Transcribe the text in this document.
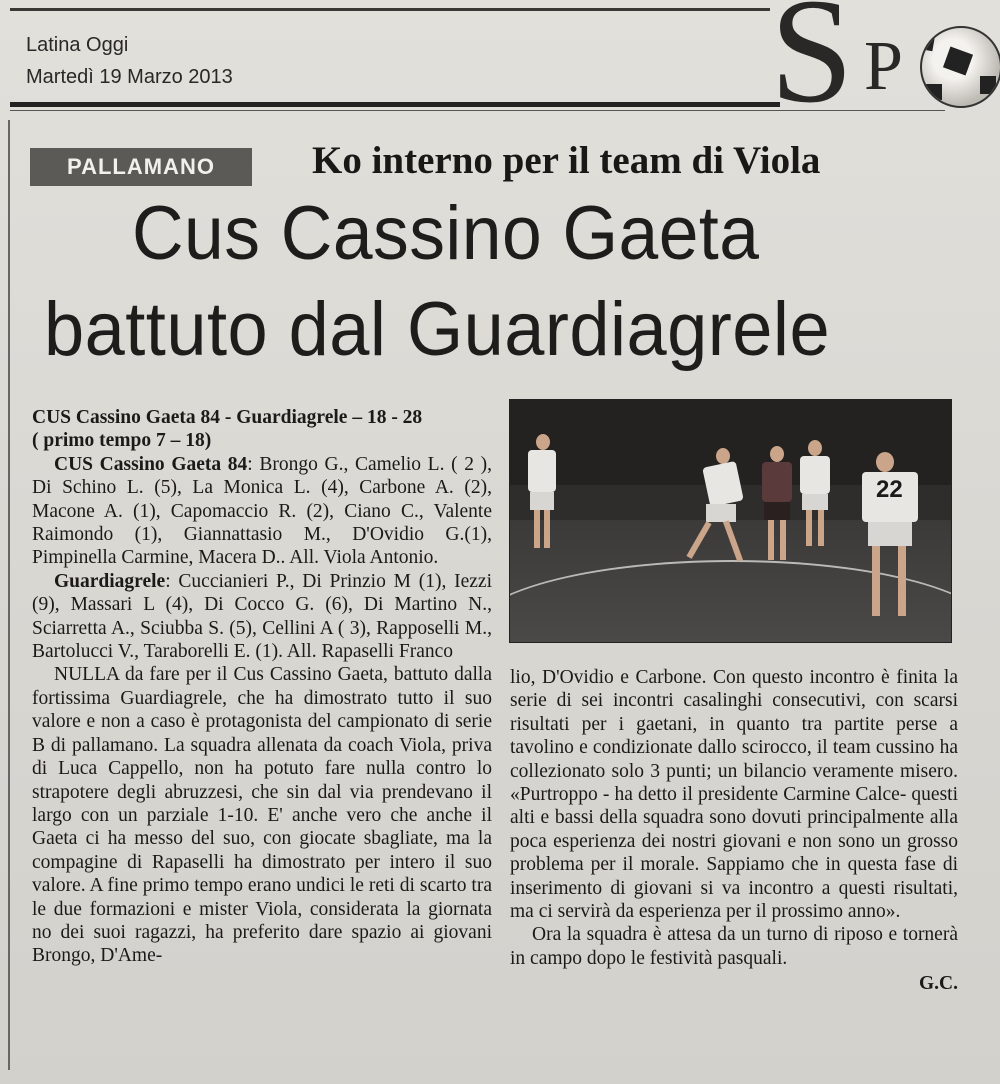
Latina Oggi
Martedì 19 Marzo 2013	S P
PALLAMANO	Ko interno per il team di Viola
Cus Cassino Gaeta
battuto dal Guardiagrele

CUS Cassino Gaeta 84 - Guardiagrele – 18 - 28

( primo tempo 7 – 18)

CUS Cassino Gaeta 84: Brongo G., Camelio L. ( 2 ), Di Schino L. (5), La Monica L. (4), Carbone A. (2), Macone A. (1), Capomaccio R. (2), Ciano C., Valente Raimondo (1), Giannattasio M., D'Ovidio G.(1), Pimpinella Carmine, Macera D.. All. Viola Antonio.

Guardiagrele: Cuccianieri P., Di Prinzio M (1), Iezzi (9), Massari L (4), Di Cocco G. (6), Di Martino N., Sciarretta A., Sciubba S. (5), Cellini A ( 3), Rapposelli M., Bartolucci V., Taraborelli E. (1). All. Rapaselli Franco

NULLA da fare per il Cus Cassino Gaeta, battuto dalla fortissima Guardiagrele, che ha dimostrato tutto il suo valore e non a caso è protagonista del campionato di serie B di pallamano. La squadra allenata da coach Viola, priva di Luca Cappello, non ha potuto fare nulla contro lo strapotere degli abruzzesi, che sin dal via prendevano il largo con un parziale 1-10. E' anche vero che anche il Gaeta ci ha messo del suo, con giocate sbagliate, ma la compagine di Rapaselli ha dimostrato per intero il suo valore. A fine primo tempo erano undici le reti di scarto tra le due formazioni e mister Viola, considerata la giornata no dei suoi ragazzi, ha preferito dare spazio ai giovani Brongo, D'Ame-

22

lio, D'Ovidio e Carbone. Con questo incontro è finita la serie di sei incontri casalinghi consecutivi, con scarsi risultati per i gaetani, in quanto tra partite perse a tavolino e condizionate dallo scirocco, il team cussino ha collezionato solo 3 punti; un bilancio veramente misero. «Purtroppo - ha detto il presidente Carmine Calce- questi alti e bassi della squadra sono dovuti principalmente alla poca esperienza dei nostri giovani e non sono un grosso problema per il morale. Sappiamo che in questa fase di inserimento di giovani si va incontro a questi risultati, ma ci servirà da esperienza per il prossimo anno».

Ora la squadra è attesa da un turno di riposo e tornerà in campo dopo le festività pasquali.

G.C.
